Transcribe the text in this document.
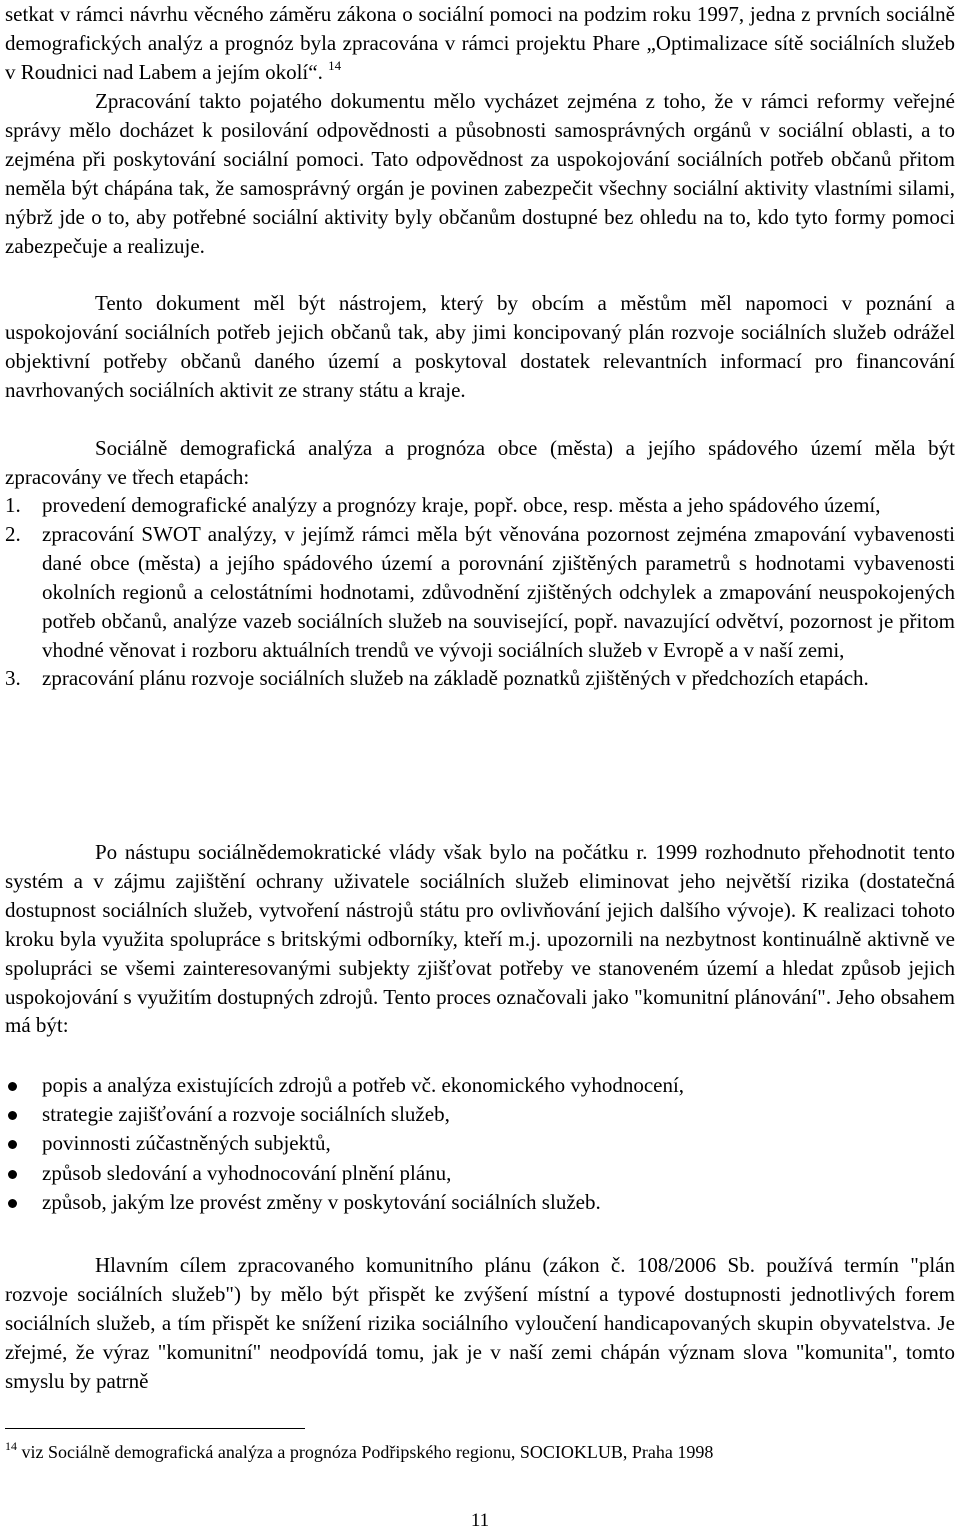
setkat v rámci návrhu věcného záměru zákona o sociální pomoci na podzim roku 1997, jedna z prvních sociálně demografických analýz a prognóz byla zpracována v rámci projektu Phare „Optimalizace sítě sociálních služeb v Roudnici nad Labem a jejím okolí“. $^{14}$

Zpracování takto pojatého dokumentu mělo vycházet zejména z toho, že v rámci reformy veřejné správy mělo docházet k posilování odpovědnosti a působnosti samosprávných orgánů v sociální oblasti, a to zejména při poskytování sociální pomoci. Tato odpovědnost za uspokojování sociálních potřeb občanů přitom neměla být chápána tak, že samosprávný orgán je povinen zabezpečit všechny sociální aktivity vlastními silami, nýbrž jde o to, aby potřebné sociální aktivity byly občanům dostupné bez ohledu na to, kdo tyto formy pomoci zabezpečuje a realizuje.

Tento dokument měl být nástrojem, který by obcím a městům měl napomoci v poznání a uspokojování sociálních potřeb jejich občanů tak, aby jimi koncipovaný plán rozvoje sociálních služeb odrážel objektivní potřeby občanů daného území a poskytoval dostatek relevantních informací pro financování navrhovaných sociálních aktivit ze strany státu a kraje.

Sociálně demografická analýza a prognóza obce (města) a jejího spádového území měla být zpracovány ve třech etapách:

1. provedení demografické analýzy a prognózy kraje, popř. obce, resp. města a jeho spádového území,
2. zpracování SWOT analýzy, v jejímž rámci měla být věnována pozornost zejména zmapování vybavenosti dané obce (města) a jejího spádového území a porovnání zjištěných parametrů s hodnotami vybavenosti okolních regionů a celostátními hodnotami, zdůvodnění zjištěných odchylek a zmapování neuspokojených potřeb občanů, analýze vazeb sociálních služeb na související, popř. navazující odvětví, pozornost je přitom vhodné věnovat i rozboru aktuálních trendů ve vývoji sociálních služeb v Evropě a v naší zemi,
3. zpracování plánu rozvoje sociálních služeb na základě poznatků zjištěných v předchozích etapách.

Po nástupu sociálnědemokratické vlády však bylo na počátku r. 1999 rozhodnuto přehodnotit tento systém a v zájmu zajištění ochrany uživatele sociálních služeb eliminovat jeho největší rizika (dostatečná dostupnost sociálních služeb, vytvoření nástrojů státu pro ovlivňování jejich dalšího vývoje). K realizaci tohoto kroku byla využita spolupráce s britskými odborníky, kteří m.j. upozornili na nezbytnost kontinuálně aktivně ve spolupráci se všemi zainteresovanými subjekty zjišťovat potřeby ve stanoveném území a hledat způsob jejich uspokojování s využitím dostupných zdrojů. Tento proces označovali jako "komunitní plánování". Jeho obsahem má být:

popis a analýza existujících zdrojů a potřeb vč. ekonomického vyhodnocení,
strategie zajišťování a rozvoje sociálních služeb,
povinnosti zúčastněných subjektů,
způsob sledování a vyhodnocování plnění plánu,
způsob, jakým lze provést změny v poskytování sociálních služeb.

Hlavním cílem zpracovaného komunitního plánu (zákon č. 108/2006 Sb. používá termín "plán rozvoje sociálních služeb") by mělo být přispět ke zvýšení místní a typové dostupnosti jednotlivých forem sociálních služeb, a tím přispět ke snížení rizika sociálního vyloučení handicapovaných skupin obyvatelstva. Je zřejmé, že výraz "komunitní" neodpovídá tomu, jak je v naší zemi chápán význam slova "komunita", tomto smyslu by patrně

$^{14}$ viz Sociálně demografická analýza a prognóza Podřipského regionu, SOCIOKLUB, Praha 1998
11
